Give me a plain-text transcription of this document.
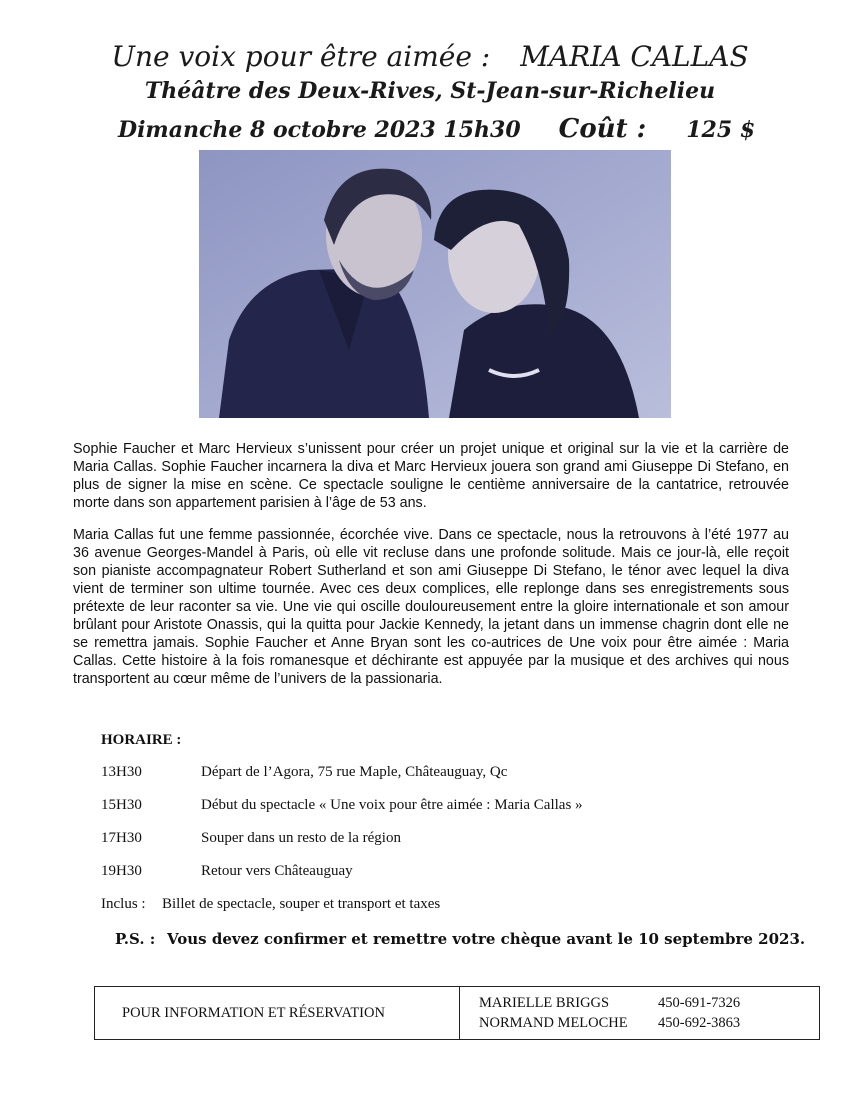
Une voix pour être aimée : MARIA CALLAS
Théâtre des Deux-Rives, St-Jean-sur-Richelieu
Dimanche 8 octobre 2023 15h30 Coût : 125 $
Sophie Faucher et Marc Hervieux s’unissent pour créer un projet unique et original sur la vie et la carrière de Maria Callas. Sophie Faucher incarnera la diva et Marc Hervieux jouera son grand ami Giuseppe Di Stefano, en plus de signer la mise en scène. Ce spectacle souligne le centième anniversaire de la cantatrice, retrouvée morte dans son appartement parisien à l’âge de 53 ans.
Maria Callas fut une femme passionnée, écorchée vive. Dans ce spectacle, nous la retrouvons à l’été 1977 au 36 avenue Georges-Mandel à Paris, où elle vit recluse dans une profonde solitude. Mais ce jour-là, elle reçoit son pianiste accompagnateur Robert Sutherland et son ami Giuseppe Di Stefano, le ténor avec lequel la diva vient de terminer son ultime tournée. Avec ces deux complices, elle replonge dans ses enregistrements sous prétexte de leur raconter sa vie. Une vie qui oscille douloureusement entre la gloire internationale et son amour brûlant pour Aristote Onassis, qui la quitta pour Jackie Kennedy, la jetant dans un immense chagrin dont elle ne se remettra jamais. Sophie Faucher et Anne Bryan sont les co-autrices de Une voix pour être aimée : Maria Callas. Cette histoire à la fois romanesque et déchirante est appuyée par la musique et des archives qui nous transportent au cœur même de l’univers de la passionaria.
HORAIRE :
13H30	Départ de l’Agora, 75 rue Maple, Châteauguay, Qc
15H30	Début du spectacle « Une voix pour être aimée : Maria Callas »
17H30	Souper dans un resto de la région
19H30	Retour vers Châteauguay
Inclus : Billet de spectacle, souper et transport et taxes
P.S. : Vous devez confirmer et remettre votre chèque avant le 10 septembre 2023.
POUR INFORMATION ET RÉSERVATION
MARIELLE BRIGGS	450-691-7326
NORMAND MELOCHE 450-692-3863
